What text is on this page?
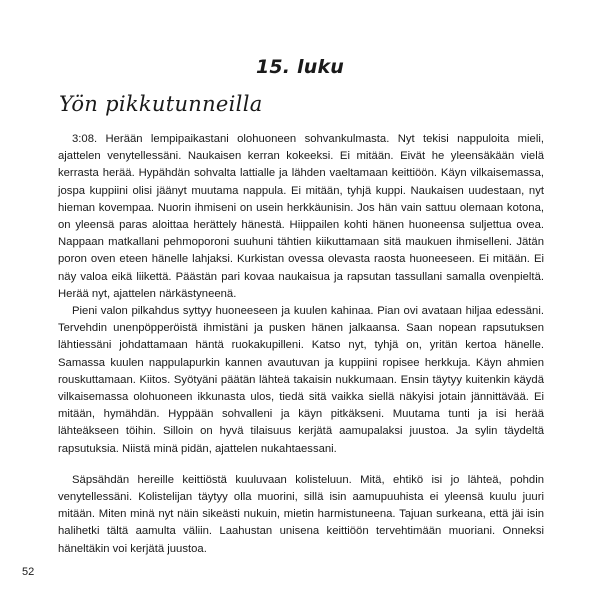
15. luku
Yön pikkutunneilla

3:08. Herään lempipaikastani olohuoneen sohvankulmasta. Nyt tekisi nappuloita mieli, ajattelen venytellessäni. Naukaisen kerran kokeeksi. Ei mitään. Eivät he yleensäkään vielä kerrasta herää. Hypähdän sohvalta lattialle ja lähden vaeltamaan keittiöön. Käyn vilkaisemassa, jospa kuppiini olisi jäänyt muutama nappula. Ei mitään, tyhjä kuppi. Naukaisen uudestaan, nyt hieman kovempaa. Nuorin ihmiseni on usein herkkäunisin. Jos hän vain sattuu olemaan kotona, on yleensä paras aloittaa herättely hänestä. Hiippailen kohti hänen huoneensa suljettua ovea. Nappaan matkallani pehmoporoni suuhuni tähtien kiikuttamaan sitä maukuen ihmiselleni. Jätän poron oven eteen hänelle lahjaksi. Kurkistan ovessa olevasta raosta huoneeseen. Ei mitään. Ei näy valoa eikä liikettä. Päästän pari kovaa naukaisua ja rapsutan tassullani samalla ovenpieltä. Herää nyt, ajattelen närkästyneenä.

Pieni valon pilkahdus syttyy huoneeseen ja kuulen kahinaa. Pian ovi avataan hiljaa edessäni. Tervehdin unenpöpperöistä ihmistäni ja pusken hänen jalkaansa. Saan nopean rapsutuksen lähtiessäni johdattamaan häntä ruokakupilleni. Katso nyt, tyhjä on, yritän kertoa hänelle. Samassa kuulen nappulapurkin kannen avautuvan ja kuppiini ropisee herkkuja. Käyn ahmien rouskuttamaan. Kiitos. Syötyäni päätän lähteä takaisin nukkumaan. Ensin täytyy kuitenkin käydä vilkaisemassa olohuoneen ikkunasta ulos, tiedä sitä vaikka siellä näkyisi jotain jännittävää. Ei mitään, hymähdän. Hyppään sohvalleni ja käyn pitkäkseni. Muutama tunti ja isi herää lähteäkseen töihin. Silloin on hyvä tilaisuus kerjätä aamupalaksi juustoa. Ja sylin täydeltä rapsutuksia. Niistä minä pidän, ajattelen nukahtaessani.

Säpsähdän hereille keittiöstä kuuluvaan kolisteluun. Mitä, ehtikö isi jo lähteä, pohdin venytellessäni. Kolistelijan täytyy olla muorini, sillä isin aamupuuhista ei yleensä kuulu juuri mitään. Miten minä nyt näin sikeästi nukuin, mietin harmistuneena. Tajuan surkeana, että jäi isin halihetki tältä aamulta väliin. Laahustan unisena keittiöön tervehtimään muoriani. Onneksi häneltäkin voi kerjätä juustoa.

52
